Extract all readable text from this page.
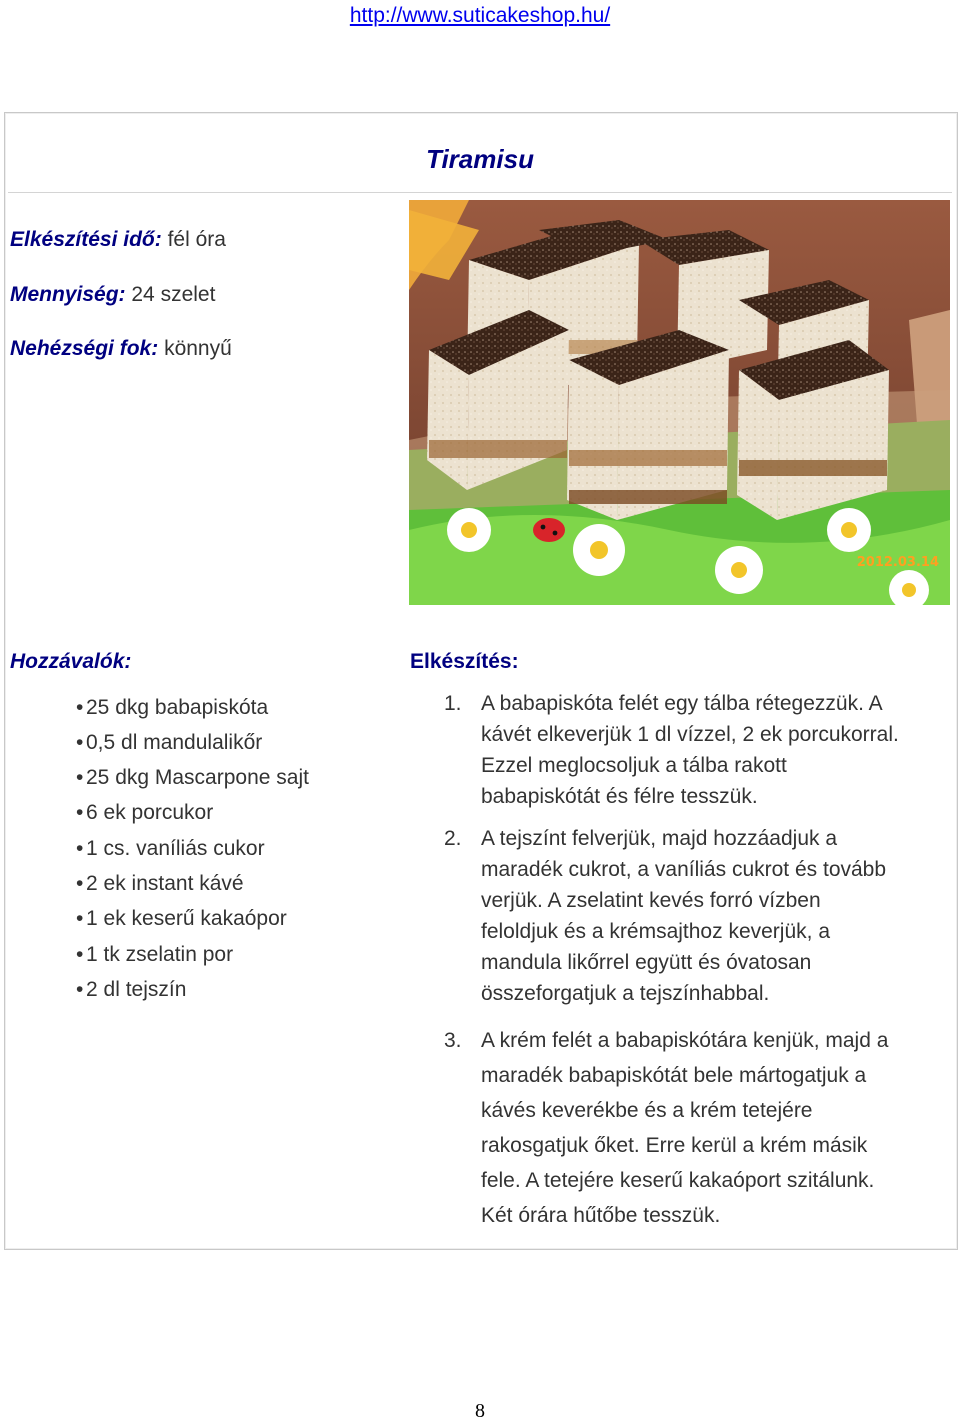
http://www.suticakeshop.hu/
Tiramisu
Elkészítési idő: fél óra
Mennyiség: 24 szelet
Nehézségi fok: könnyű
2012.03.14
Hozzávalók:
• 25 dkg babapiskóta
• 0,5 dl mandulalikőr
• 25 dkg Mascarpone sajt
• 6 ek porcukor
• 1 cs. vaníliás cukor
• 2 ek instant kávé
• 1 ek keserű kakaópor
• 1 tk zselatin por
• 2 dl tejszín
Elkészítés:
1. A babapiskóta felét egy tálba rétegezzük. A
kávét elkeverjük 1 dl vízzel, 2 ek porcukorral.
Ezzel meglocsoljuk a tálba rakott
babapiskótát és félre tesszük.
2. A tejszínt felverjük, majd hozzáadjuk a
maradék cukrot, a vaníliás cukrot és tovább
verjük. A zselatint kevés forró vízben
feloldjuk és a krémsajthoz keverjük, a
mandula likőrrel együtt és óvatosan
összeforgatjuk a tejszínhabbal.
3. A krém felét a babapiskótára kenjük, majd a
maradék babapiskótát bele mártogatjuk a
kávés keverékbe és a krém tetejére
rakosgatjuk őket. Erre kerül a krém másik
fele. A tetejére keserű kakaóport szitálunk.
Két órára hűtőbe tesszük.
8
